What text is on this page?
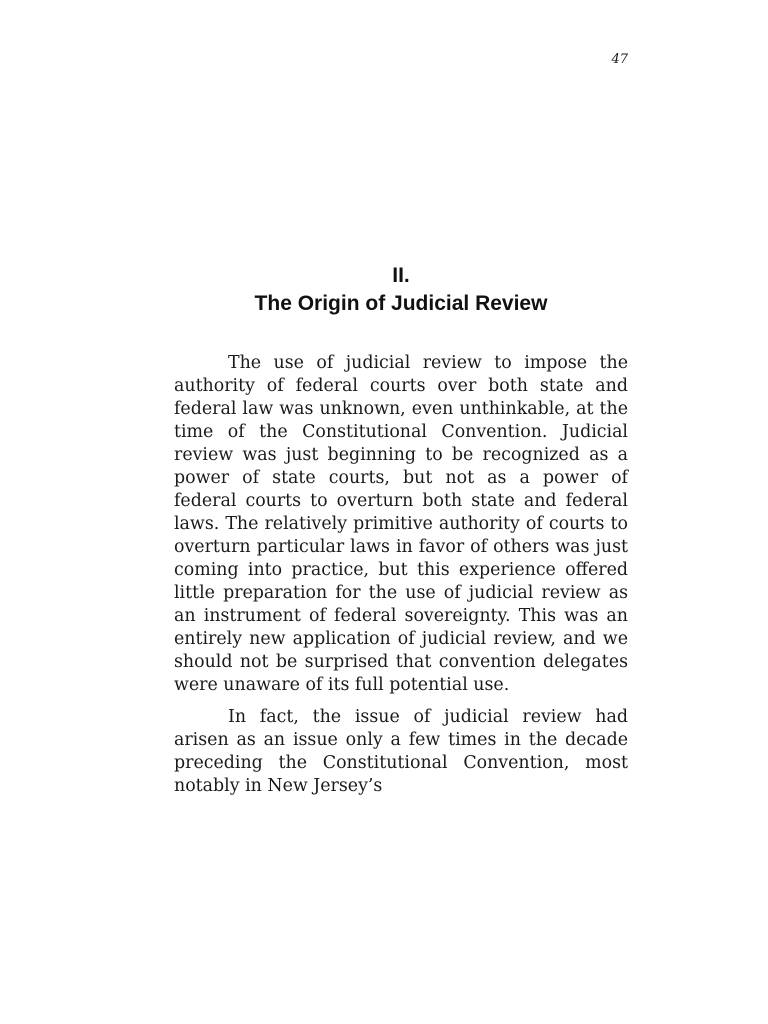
47
II.
The Origin of Judicial Review

The use of judicial review to impose the authority of federal courts over both state and federal law was unknown, even unthinkable, at the time of the Constitutional Convention. Judicial review was just beginning to be recognized as a power of state courts, but not as a power of federal courts to overturn both state and federal laws. The relatively primitive authority of courts to overturn particular laws in favor of others was just coming into practice, but this experience offered little preparation for the use of judicial review as an instrument of federal sovereignty. This was an entirely new application of judicial review, and we should not be surprised that convention delegates were unaware of its full potential use.

In fact, the issue of judicial review had arisen as an issue only a few times in the decade preceding the Constitutional Convention, most notably in New Jersey’s
